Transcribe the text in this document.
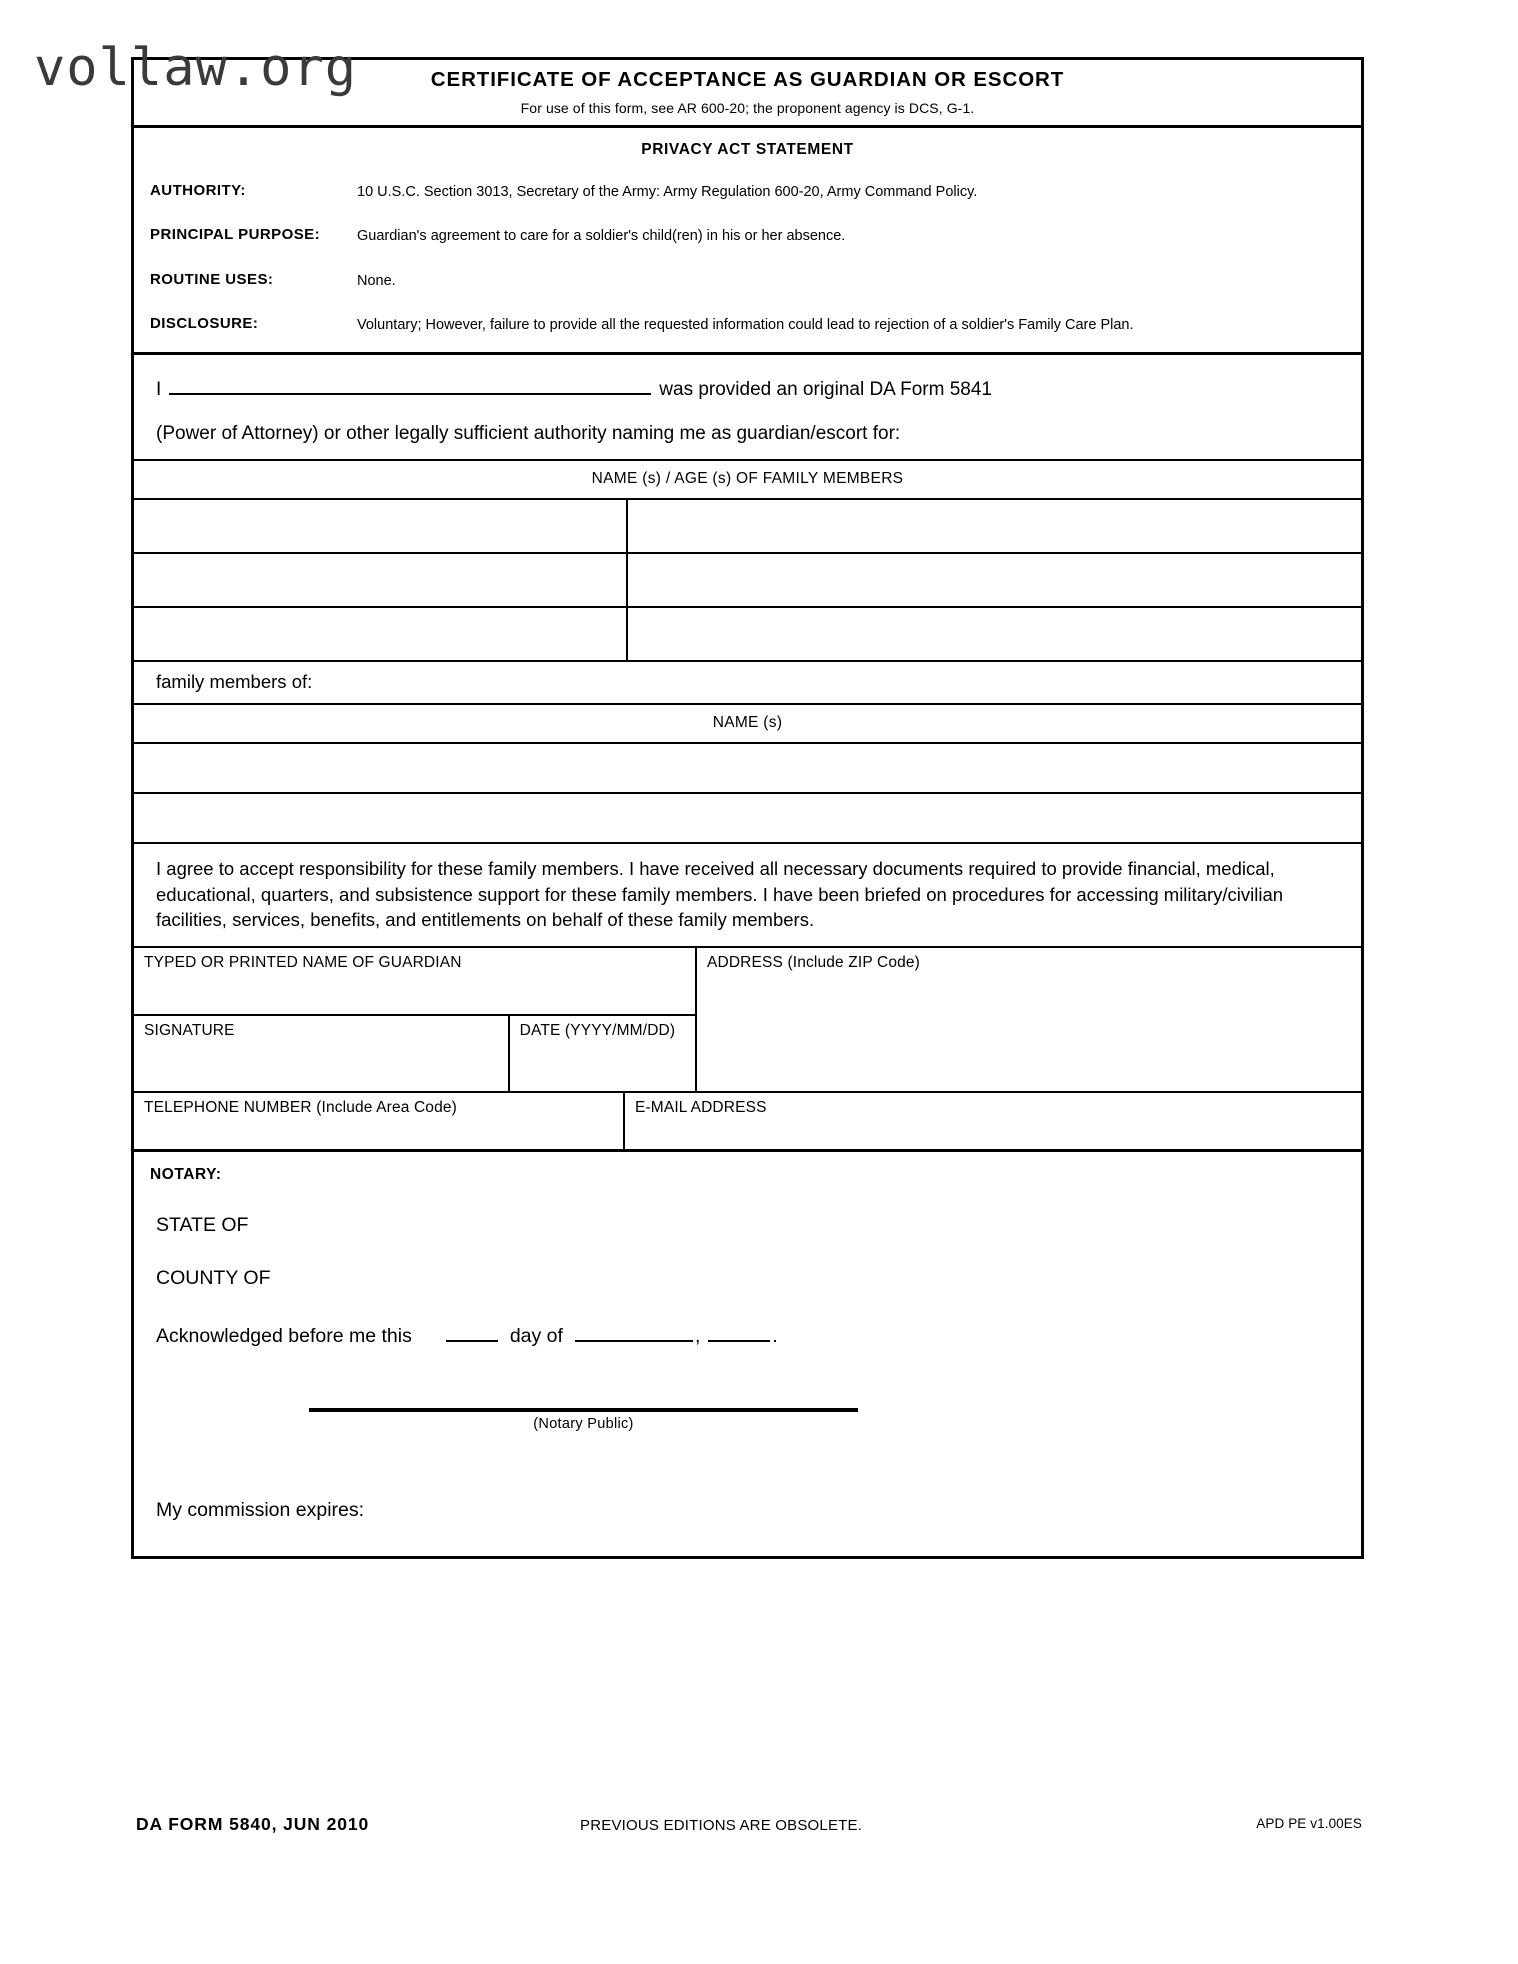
CERTIFICATE OF ACCEPTANCE AS GUARDIAN OR ESCORT
For use of this form, see AR 600-20; the proponent agency is DCS, G-1.
PRIVACY ACT STATEMENT
AUTHORITY:	10 U.S.C. Section 3013, Secretary of the Army: Army Regulation 600-20, Army Command Policy.
PRINCIPAL PURPOSE:	Guardian's agreement to care for a soldier's child(ren) in his or her absence.
ROUTINE USES:	None.
DISCLOSURE:	Voluntary; However, failure to provide all the requested information could lead to rejection of a soldier's Family Care Plan.
I	was provided an original DA Form 5841
(Power of Attorney) or other legally sufficient authority naming me as guardian/escort for:
NAME (s) / AGE (s) OF FAMILY MEMBERS
family members of:
NAME (s)
I agree to accept responsibility for these family members. I have received all necessary documents required to provide financial, medical, educational, quarters, and subsistence support for these family members. I have been briefed on procedures for accessing military/civilian facilities, services, benefits, and entitlements on behalf of these family members.
TYPED OR PRINTED NAME OF GUARDIAN
SIGNATURE	DATE (YYYY/MM/DD)
ADDRESS (Include ZIP Code)
TELEPHONE NUMBER (Include Area Code)	E-MAIL ADDRESS
NOTARY:
STATE OF
COUNTY OF
Acknowledged before me this	day of	,	.
(Notary Public)
My commission expires:
DA FORM 5840, JUN 2010	PREVIOUS EDITIONS ARE OBSOLETE.	APD PE v1.00ES
vollaw.org
